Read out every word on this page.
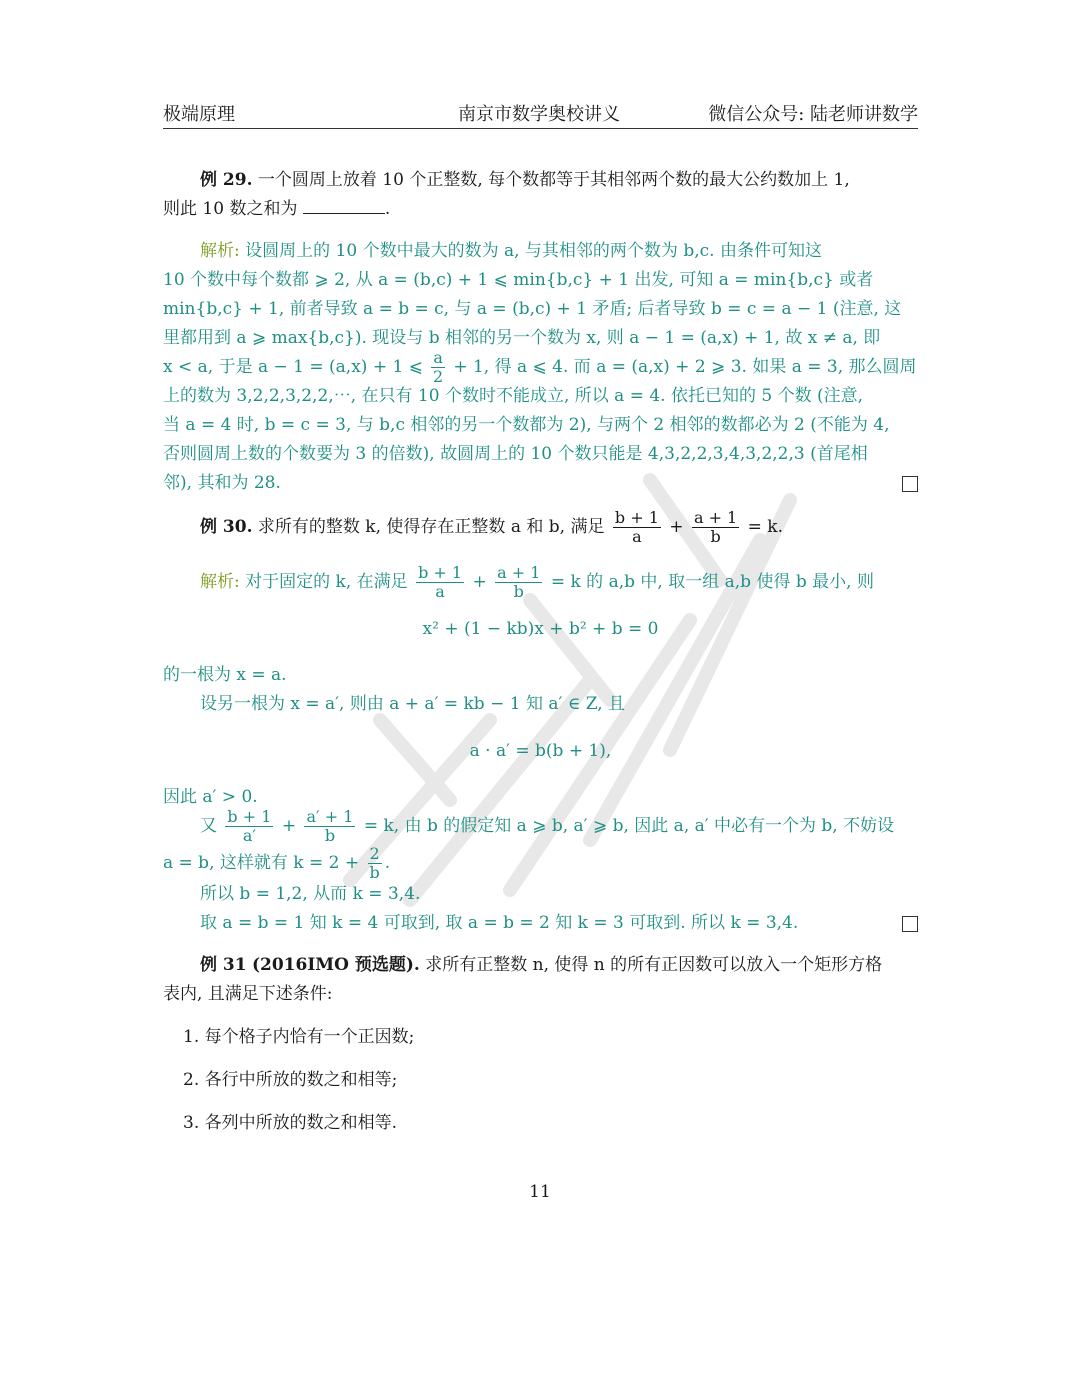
极端原理	南京市数学奥校讲义	微信公众号: 陆老师讲数学
例 29. 一个圆周上放着 10 个正整数, 每个数都等于其相邻两个数的最大公约数加上 1,
则此 10 数之和为	.
解析: 设圆周上的 10 个数中最大的数为 a, 与其相邻的两个数为 b,c. 由条件可知这
10 个数中每个数都 ⩾ 2, 从 a = (b,c) + 1 ⩽ min{b,c} + 1 出发, 可知 a = min{b,c} 或者
min{b,c} + 1, 前者导致 a = b = c, 与 a = (b,c) + 1 矛盾; 后者导致 b = c = a − 1 (注意, 这
里都用到 a ⩾ max{b,c}). 现设与 b 相邻的另一个数为 x, 则 a − 1 = (a,x) + 1, 故 x ≠ a, 即
x < a, 于是 a − 1 = (a,x) + 1 ⩽ $\frac{a}{2} + 1$, 得 a ⩽ 4. 而 a = (a,x) + 2 ⩾ 3. 如果 a = 3, 那么圆周
上的数为 3,2,2,3,2,2,⋯, 在只有 10 个数时不能成立, 所以 a = 4. 依托已知的 5 个数 (注意,
当 a = 4 时, b = c = 3, 与 b,c 相邻的另一个数都为 2), 与两个 2 相邻的数都必为 2 (不能为 4,
否则圆周上数的个数要为 3 的倍数), 故圆周上的 10 个数只能是 4,3,2,2,3,4,3,2,2,3 (首尾相
邻), 其和为 28.
例 30. 求所有的整数 k, 使得存在正整数 a 和 b, 满足 $\frac{b + 1}{a} + \frac{a + 1}{b} = k$.
解析: 对于固定的 k, 在满足 $\frac{b + 1}{a} + \frac{a + 1}{b} = k$ 的 a,b 中, 取一组 a,b 使得 b 最小, 则
x² + (1 − kb)x + b² + b = 0
的一根为 x = a.
设另一根为 x = a′, 则由 a + a′ = kb − 1 知 a′ ∈ Z, 且
a · a′ = b(b + 1),
因此 a′ > 0.
又 $\frac{b + 1}{a'} + \frac{a' + 1}{b} = k$, 由 b 的假定知 a ⩾ b, a′ ⩾ b, 因此 a, a′ 中必有一个为 b, 不妨设
a = b, 这样就有 $k = 2 + \frac{2}{b}$ .
所以 b = 1,2, 从而 k = 3,4.
取 a = b = 1 知 k = 4 可取到, 取 a = b = 2 知 k = 3 可取到. 所以 k = 3,4.
例 31 (2016IMO 预选题). 求所有正整数 n, 使得 n 的所有正因数可以放入一个矩形方格
表内, 且满足下述条件:
1. 每个格子内恰有一个正因数;
2. 各行中所放的数之和相等;
3. 各列中所放的数之和相等.
11
